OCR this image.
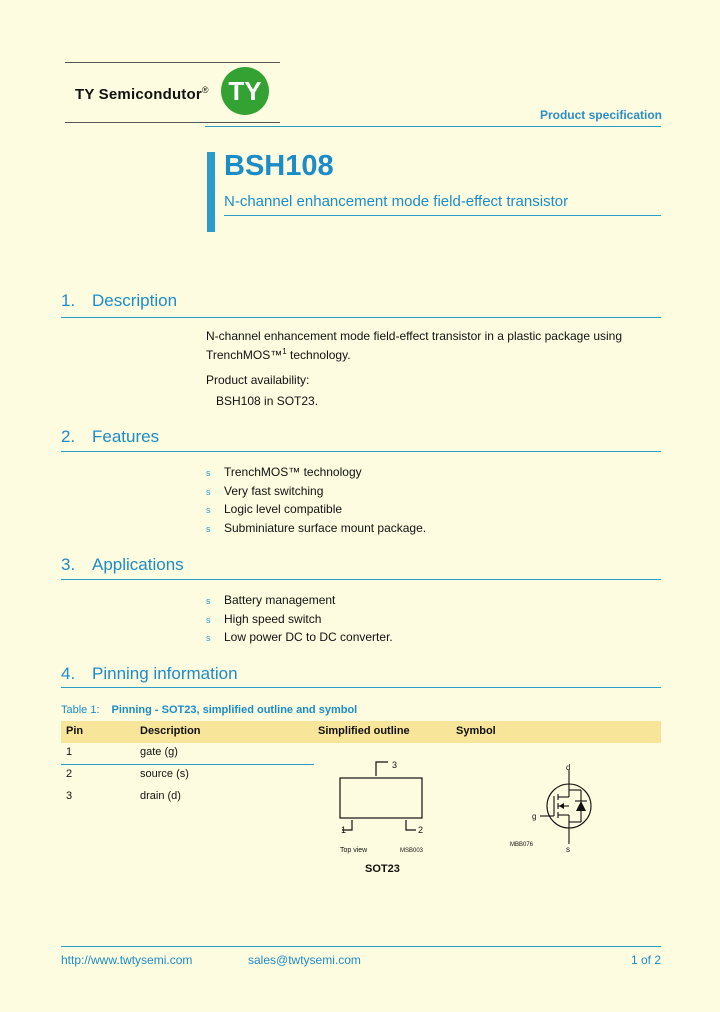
TY Semicondutor® TY
Product specification
BSH108
N-channel enhancement mode field-effect transistor
1. Description
N-channel enhancement mode field-effect transistor in a plastic package using
TrenchMOS™$^1$ technology.
Product availability:
BSH108 in SOT23.
2. Features
s TrenchMOS™ technology
s Very fast switching
s Logic level compatible
s Subminiature surface mount package.
3. Applications
s Battery management
s High speed switch
s Low power DC to DC converter.
4. Pinning information
Table 1: Pinning - SOT23, simplified outline and symbol
Pin	Description	Simplified outline	Symbol
1	gate (g)
2	source (s)
3	drain (d)
3
1	2
Top view	MSB003
SOT23
d
g
s
MBB076
http://www.twtysemi.com	sales@twtysemi.com	1 of 2
